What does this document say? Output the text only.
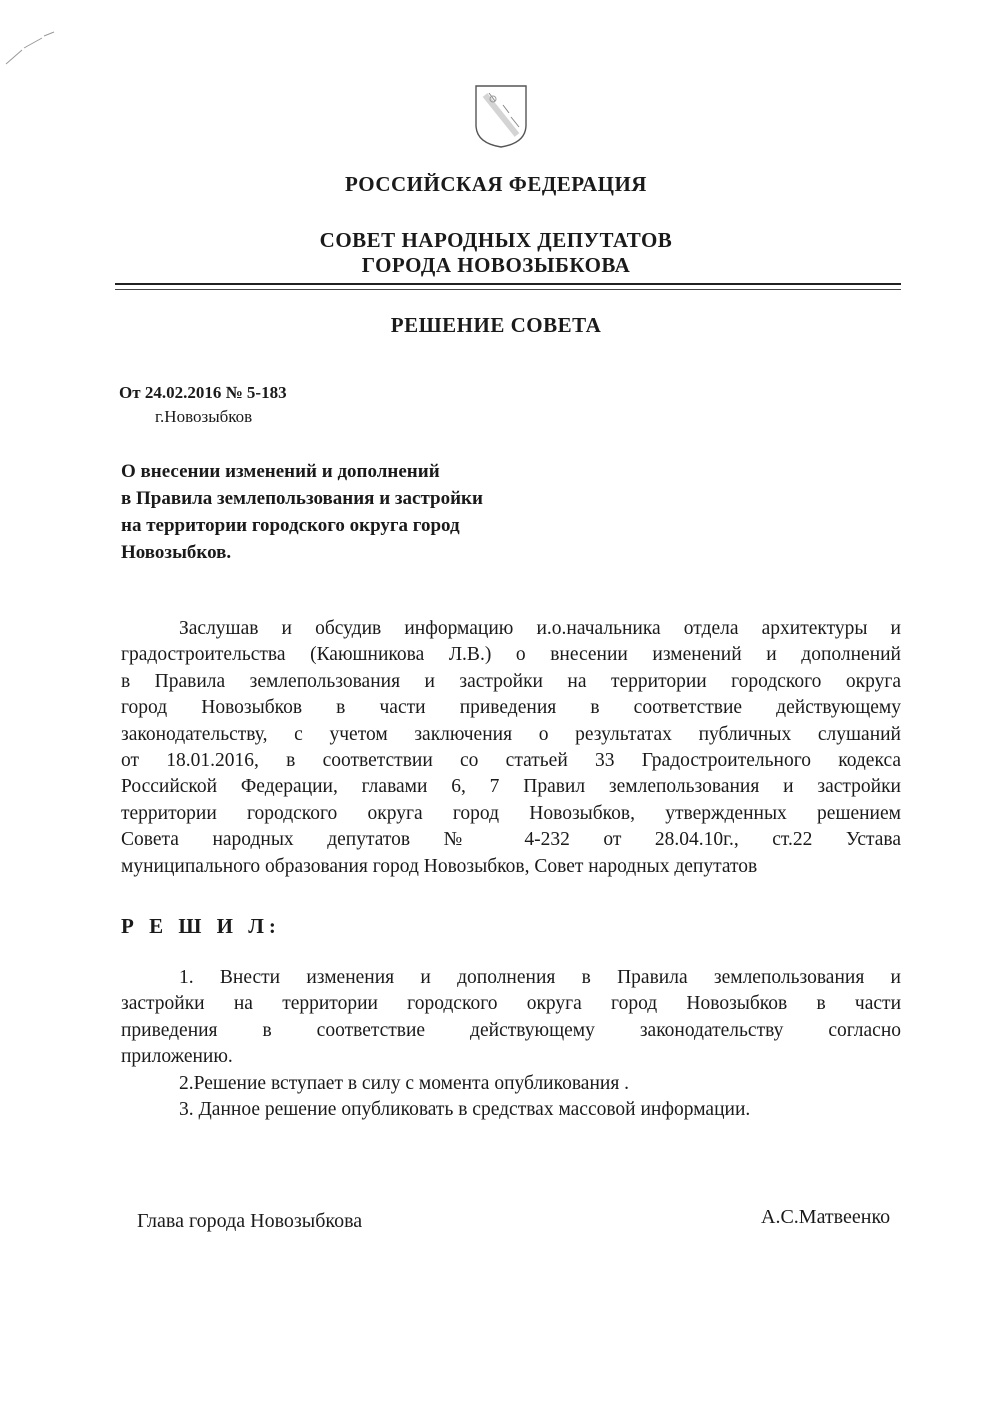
РОССИЙСКАЯ ФЕДЕРАЦИЯ
СОВЕТ НАРОДНЫХ ДЕПУТАТОВ
ГОРОДА НОВОЗЫБКОВА
РЕШЕНИЕ СОВЕТА
От 24.02.2016 № 5-183
г.Новозыбков
О внесении изменений и дополнений
в Правила землепользования и застройки
на территории городского округа город
Новозыбков.
Заслушав и обсудив информацию и.о.начальника отдела архитектуры и
градостроительства (Каюшникова Л.В.) о внесении изменений и дополнений
в Правила землепользования и застройки на территории городского округа
город Новозыбков в части приведения в соответствие действующему
законодательству, с учетом заключения о результатах публичных слушаний
от 18.01.2016, в соответствии со статьей 33 Градостроительного кодекса
Российской Федерации, главами 6, 7 Правил землепользования и застройки
территории городского округа город Новозыбков, утвержденных решением
Совета народных депутатов № 4-232 от 28.04.10г., ст.22 Устава
муниципального образования город Новозыбков, Совет народных депутатов
Р Е Ш И Л:
1. Внести изменения и дополнения в Правила землепользования и
застройки на территории городского округа город Новозыбков в части
приведения в соответствие действующему законодательству согласно
приложению.
2.Решение вступает в силу с момента опубликования .
3. Данное решение опубликовать в средствах массовой информации.
Глава города Новозыбкова	А.С.Матвеенко
